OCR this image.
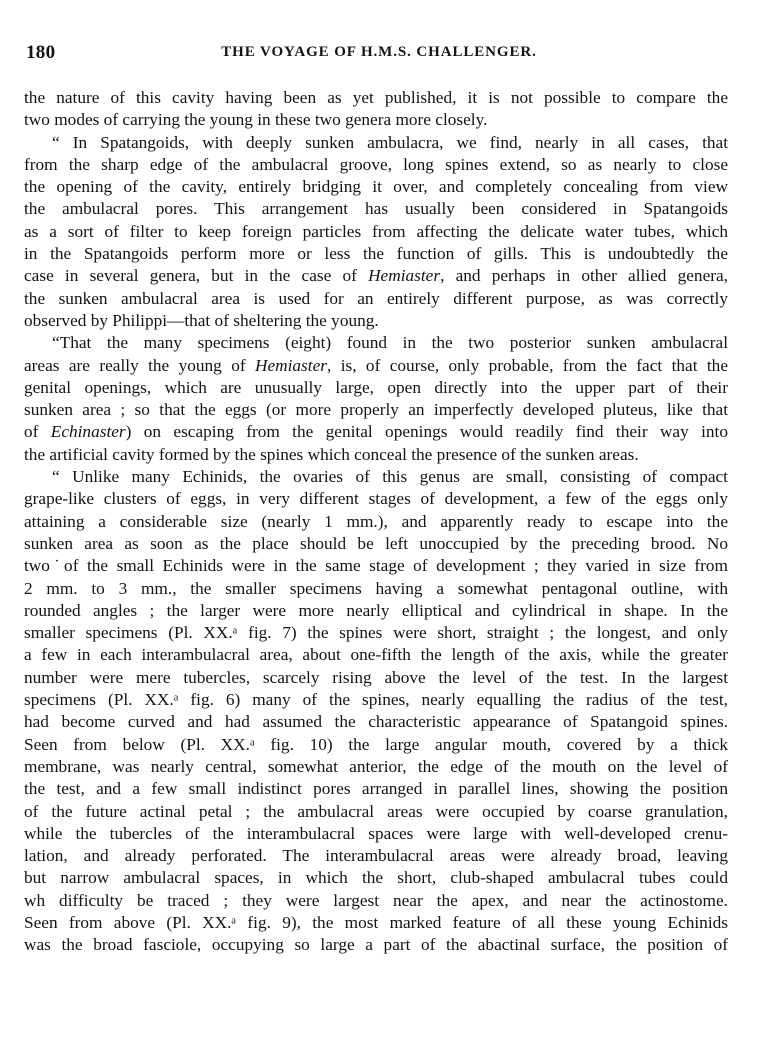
180	THE VOYAGE OF H.M.S. CHALLENGER.
the nature of this cavity having been as yet published, it is not possible to compare the
two modes of carrying the young in these two genera more closely.
“ In Spatangoids, with deeply sunken ambulacra, we find, nearly in all cases, that
from the sharp edge of the ambulacral groove, long spines extend, so as nearly to close
the opening of the cavity, entirely bridging it over, and completely concealing from view
the ambulacral pores. This arrangement has usually been considered in Spatangoids
as a sort of filter to keep foreign particles from affecting the delicate water tubes, which
in the Spatangoids perform more or less the function of gills. This is undoubtedly the
case in several genera, but in the case of Hemiaster, and perhaps in other allied genera,
the sunken ambulacral area is used for an entirely different purpose, as was correctly
observed by Philippi—that of sheltering the young.
“That the many specimens (eight) found in the two posterior sunken ambulacral
areas are really the young of Hemiaster, is, of course, only probable, from the fact that the
genital openings, which are unusually large, open directly into the upper part of their
sunken area ; so that the eggs (or more properly an imperfectly developed pluteus, like that
of Echinaster) on escaping from the genital openings would readily find their way into
the artificial cavity formed by the spines which conceal the presence of the sunken areas.
“ Unlike many Echinids, the ovaries of this genus are small, consisting of compact
grape-like clusters of eggs, in very different stages of development, a few of the eggs only
attaining a considerable size (nearly 1 mm.), and apparently ready to escape into the
sunken area as soon as the place should be left unoccupied by the preceding brood. No
two˙of the small Echinids were in the same stage of development ; they varied in size from
2 mm. to 3 mm., the smaller specimens having a somewhat pentagonal outline, with
rounded angles ; the larger were more nearly elliptical and cylindrical in shape. In the
smaller specimens (Pl. XX.ᵃ fig. 7) the spines were short, straight ; the longest, and only
a few in each interambulacral area, about one-fifth the length of the axis, while the greater
number were mere tubercles, scarcely rising above the level of the test. In the largest
specimens (Pl. XX.ᵃ fig. 6) many of the spines, nearly equalling the radius of the test,
had become curved and had assumed the characteristic appearance of Spatangoid spines.
Seen from below (Pl. XX.ᵃ fig. 10) the large angular mouth, covered by a thick
membrane, was nearly central, somewhat anterior, the edge of the mouth on the level of
the test, and a few small indistinct pores arranged in parallel lines, showing the position
of the future actinal petal ; the ambulacral areas were occupied by coarse granulation,
while the tubercles of the interambulacral spaces were large with well-developed crenu-
lation, and already perforated. The interambulacral areas were already broad, leaving
but narrow ambulacral spaces, in which the short, club-shaped ambulacral tubes could
wh difficulty be traced ; they were largest near the apex, and near the actinostome.
Seen from above (Pl. XX.ᵃ fig. 9), the most marked feature of all these young Echinids
was the broad fasciole, occupying so large a part of the abactinal surface, the position of
